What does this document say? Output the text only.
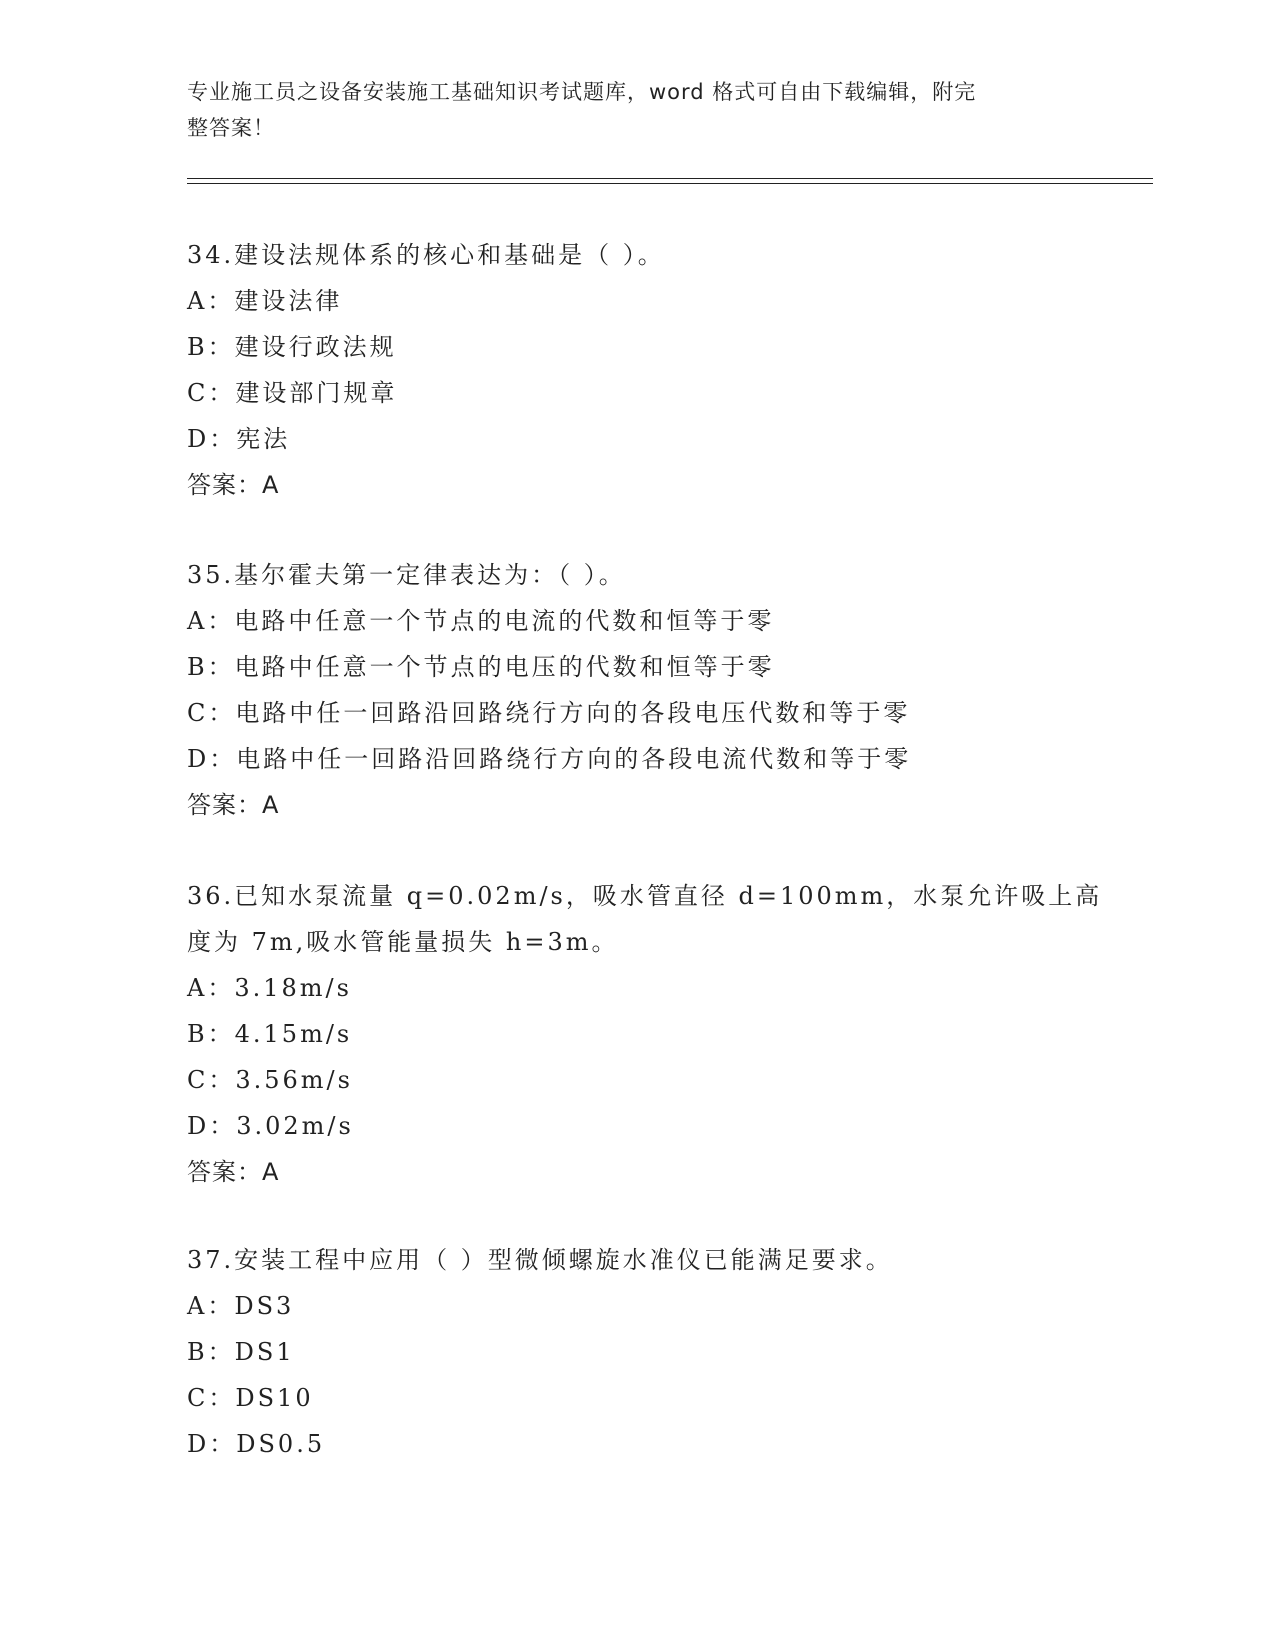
专业施工员之设备安装施工基础知识考试题库，word 格式可自由下载编辑，附完
整答案！
34.建设法规体系的核心和基础是（ ）。
A：建设法律
B：建设行政法规
C：建设部门规章
D：宪法
答案：A
35.基尔霍夫第一定律表达为：（ ）。
A：电路中任意一个节点的电流的代数和恒等于零
B：电路中任意一个节点的电压的代数和恒等于零
C：电路中任一回路沿回路绕行方向的各段电压代数和等于零
D：电路中任一回路沿回路绕行方向的各段电流代数和等于零
答案：A
36.已知水泵流量 q=0.02m/s，吸水管直径 d=100mm，水泵允许吸上高
度为 7m,吸水管能量损失 h=3m。
A：3.18m/s
B：4.15m/s
C：3.56m/s
D：3.02m/s
答案：A
37.安装工程中应用（ ）型微倾螺旋水准仪已能满足要求。
A：DS3
B：DS1
C：DS10
D：DS0.5
